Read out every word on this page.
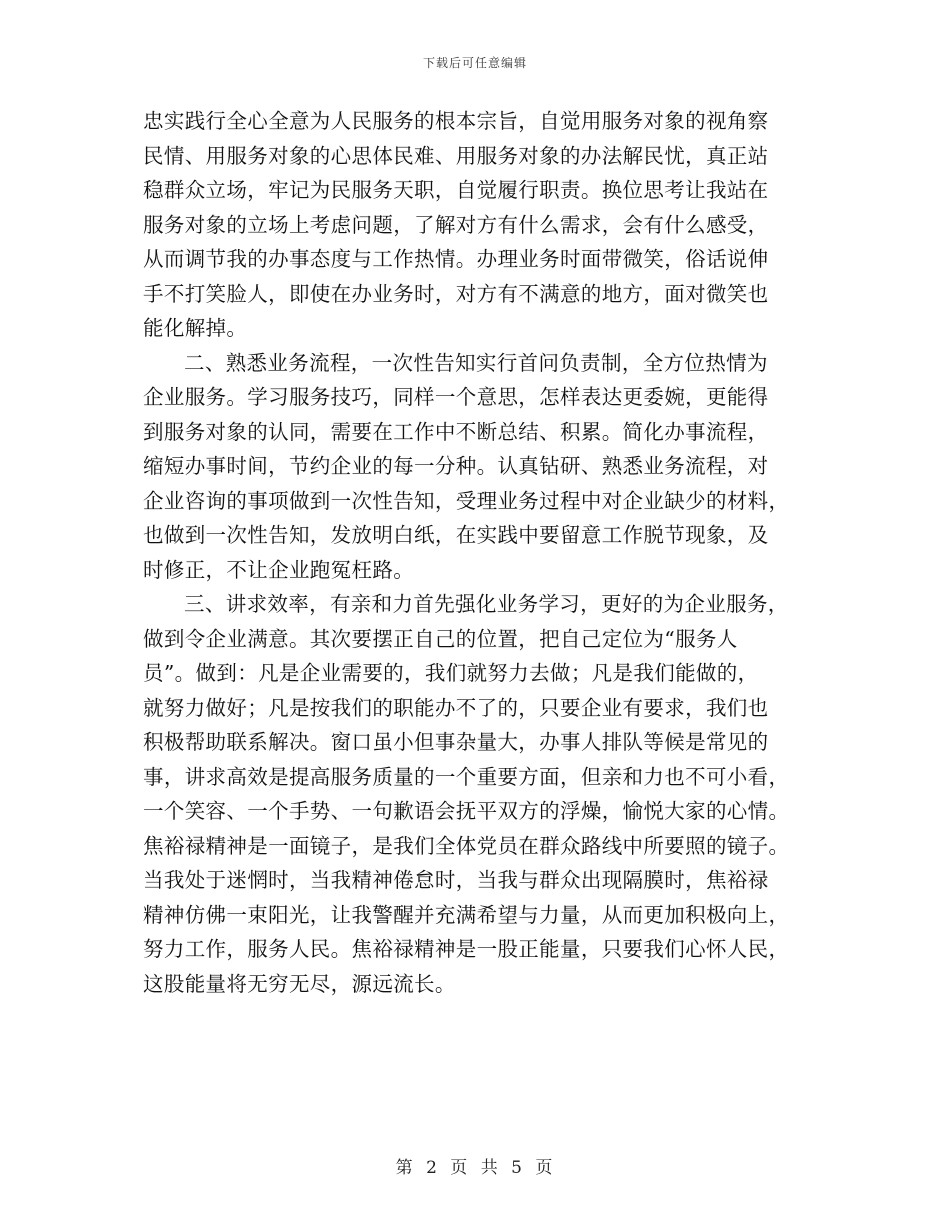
下载后可任意编辑
忠实践行全心全意为人民服务的根本宗旨，自觉用服务对象的视角察
民情、用服务对象的心思体民难、用服务对象的办法解民忧，真正站
稳群众立场，牢记为民服务天职，自觉履行职责。换位思考让我站在
服务对象的立场上考虑问题，了解对方有什么需求，会有什么感受，
从而调节我的办事态度与工作热情。办理业务时面带微笑，俗话说伸
手不打笑脸人，即使在办业务时，对方有不满意的地方，面对微笑也
能化解掉。
二、熟悉业务流程，一次性告知实行首问负责制，全方位热情为
企业服务。学习服务技巧，同样一个意思，怎样表达更委婉，更能得
到服务对象的认同，需要在工作中不断总结、积累。简化办事流程，
缩短办事时间，节约企业的每一分种。认真钻研、熟悉业务流程，对
企业咨询的事项做到一次性告知，受理业务过程中对企业缺少的材料，
也做到一次性告知，发放明白纸，在实践中要留意工作脱节现象，及
时修正，不让企业跑冤枉路。
三、讲求效率，有亲和力首先强化业务学习，更好的为企业服务，
做到令企业满意。其次要摆正自己的位置，把自己定位为“服务人
员”。做到：凡是企业需要的，我们就努力去做；凡是我们能做的，
就努力做好；凡是按我们的职能办不了的，只要企业有要求，我们也
积极帮助联系解决。窗口虽小但事杂量大，办事人排队等候是常见的
事，讲求高效是提高服务质量的一个重要方面，但亲和力也不可小看，
一个笑容、一个手势、一句歉语会抚平双方的浮燥，愉悦大家的心情。
焦裕禄精神是一面镜子，是我们全体党员在群众路线中所要照的镜子。
当我处于迷惘时，当我精神倦怠时，当我与群众出现隔膜时，焦裕禄
精神仿佛一束阳光，让我警醒并充满希望与力量，从而更加积极向上，
努力工作，服务人民。焦裕禄精神是一股正能量，只要我们心怀人民，
这股能量将无穷无尽，源远流长。
第 2 页 共 5 页
